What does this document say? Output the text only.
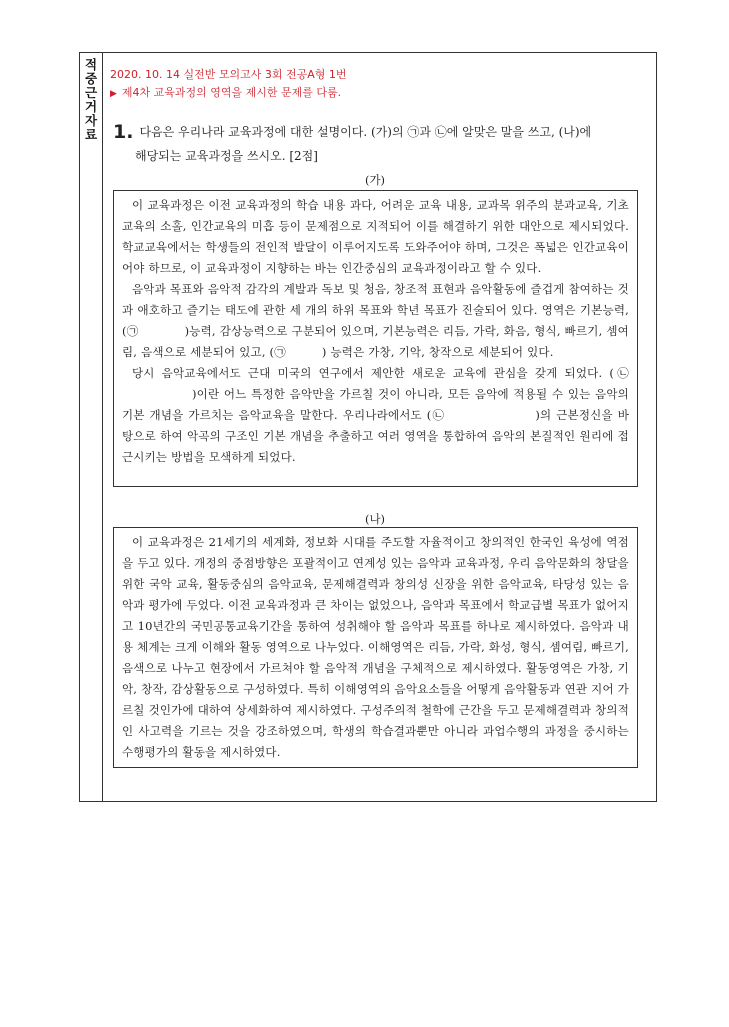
적
중
근
거
자
료
2020. 10. 14 실전반 모의고사 3회 전공A형 1번
▶ 제4차 교육과정의 영역을 제시한 문제를 다룸.
1. 다음은 우리나라 교육과정에 대한 설명이다. (가)의 ㉠과 ㉡에 알맞은 말을 쓰고, (나)에
해당되는 교육과정을 쓰시오. [2점]
(가)

이 교육과정은 이전 교육과정의 학습 내용 과다, 어려운 교육 내용, 교과목 위주의 분과교육, 기초교육의 소홀, 인간교육의 미흡 등이 문제점으로 지적되어 이를 해결하기 위한 대안으로 제시되었다. 학교교육에서는 학생들의 전인적 발달이 이루어지도록 도와주어야 하며, 그것은 폭넓은 인간교육이어야 하므로, 이 교육과정이 지향하는 바는 인간중심의 교육과정이라고 할 수 있다.

음악과 목표와 음악적 감각의 계발과 독보 및 청음, 창조적 표현과 음악활동에 즐겁게 참여하는 것과 애호하고 즐기는 태도에 관한 세 개의 하위 목표와 학년 목표가 진술되어 있다. 영역은 기본능력, (㉠	)능력, 감상능력으로 구분되어 있으며, 기본능력은 리듬, 가락, 화음, 형식, 빠르기, 셈여림, 음색으로 세분되어 있고, (㉠	) 능력은 가창, 기악, 창작으로 세분되어 있다.

당시 음악교육에서도 근대 미국의 연구에서 제안한 새로운 교육에 관심을 갖게 되었다. (㉡)이란 어느 특정한 음악만을 가르칠 것이 아니라, 모든 음악에 적용될 수 있는 음악의 기본 개념을 가르치는 음악교육을 말한다. 우리나라에서도 (㉡	)의 근본정신을 바탕으로 하여 악곡의 구조인 기본 개념을 추출하고 여러 영역을 통합하여 음악의 본질적인 원리에 접근시키는 방법을 모색하게 되었다.

(나)

이 교육과정은 21세기의 세계화, 정보화 시대를 주도할 자율적이고 창의적인 한국인 육성에 역점을 두고 있다. 개정의 중점방향은 포괄적이고 연계성 있는 음악과 교육과정, 우리 음악문화의 창달을 위한 국악 교육, 활동중심의 음악교육, 문제해결력과 창의성 신장을 위한 음악교육, 타당성 있는 음악과 평가에 두었다. 이전 교육과정과 큰 차이는 없었으나, 음악과 목표에서 학교급별 목표가 없어지고 10년간의 국민공통교육기간을 통하여 성취해야 할 음악과 목표를 하나로 제시하였다. 음악과 내용 체계는 크게 이해와 활동 영역으로 나누었다. 이해영역은 리듬, 가락, 화성, 형식, 셈여림, 빠르기, 음색으로 나누고 현장에서 가르쳐야 할 음악적 개념을 구체적으로 제시하였다. 활동영역은 가창, 기악, 창작, 감상활동으로 구성하였다. 특히 이해영역의 음악요소들을 어떻게 음악활동과 연관 지어 가르칠 것인가에 대하여 상세화하여 제시하였다. 구성주의적 철학에 근간을 두고 문제해결력과 창의적인 사고력을 기르는 것을 강조하였으며, 학생의 학습결과뿐만 아니라 과업수행의 과정을 중시하는 수행평가의 활동을 제시하였다.
